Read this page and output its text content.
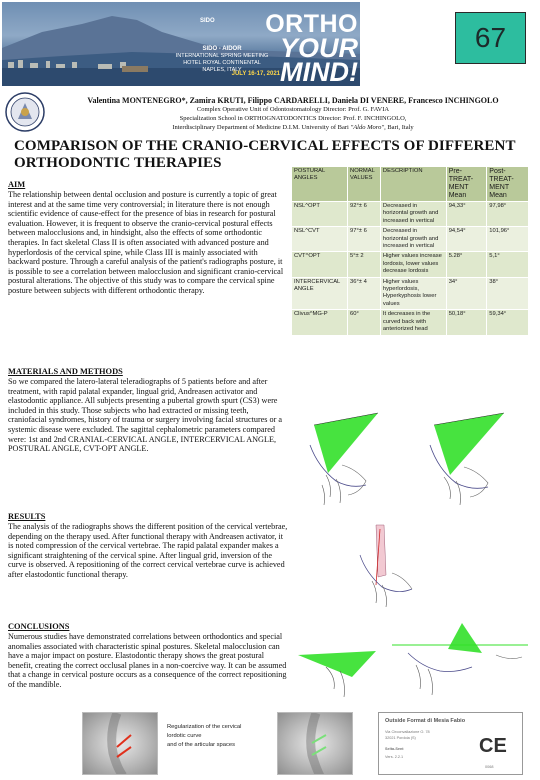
SIDO	ORTHO
YOUR
MIND!
SIDO - AIDOR
INTERNATIONAL SPRING MEETING
HOTEL ROYAL CONTINENTAL
NAPLES, ITALY
JULY 16-17, 2021
67
Valentina MONTENEGRO*, Zamira KRUTI, Filippo CARDARELLI, Daniela DI VENERE, Francesco INCHINGOLO
Complex Operative Unit of Odontostomatology Director: Prof. G. FAVIA
Specialization School in ORTHOGNATODONTICS Director: Prof. F. INCHINGOLO,
Interdisciplinary Department of Medicine D.I.M. University of Bari "Aldo Moro", Bari, Italy
COMPARISON OF THE CRANIO-CERVICAL EFFECTS OF DIFFERENT ORTHODONTIC THERAPIES
AIM
The relationship between dental occlusion and posture is currently a topic of great interest and at the same time very controversial; in literature there is not enough scientific evidence of cause-effect for the presence of bias in research for postural evaluation. However, it is frequent to observe the cranio-cervical postural effects between malocclusions and, in hindsight, also the effects of some orthodontic therapies. In fact skeletal Class II is often associated with advanced posture and hyperlordosis of the cervical spine, while Class III is mainly associated with backward posture. Through a careful analysis of the patient's radiographs posture, it is possible to see a correlation between malocclusion and significant cranio-cervical postural alterations. The objective of this study was to compare the cervical spine posture between subjects with different orthodontic therapy.
MATERIALS AND METHODS
So we compared the latero-lateral teleradiographs of 5 patients before and after treatment, with rapid palatal expander, lingual grid, Andreasen activator and elastodontic appliance. All subjects presenting a pubertal growth spurt (CS3) were included in this study. Those subjects who had extracted or missing teeth, craniofacial syndromes, history of trauma or surgery involving facial structures or a systemic disease were excluded. The sagittal cephalometric parameters compared were: 1st and 2nd CRANIAL-CERVICAL ANGLE, INTERCERVICAL ANGLE, POSTURAL ANGLE, CVT-OPT ANGLE.
RESULTS
The analysis of the radiographs shows the different position of the cervical vertebrae, depending on the therapy used. After functional therapy with Andreasen activator, it is noted compression of the cervical vertebrae. The rapid palatal expander makes a significant straightening of the cervical spine. After lingual grid, inversion of the curve is observed. A repositioning of the correct cervical vertebrae curve is achieved after elastodontic functional therapy.
CONCLUSIONS
Numerous studies have demonstrated correlations between orthodontics and special anomalies associated with characteristic spinal postures. Skeletal malocclusion can have a major impact on posture. Elastodontic therapy shows the great postural benefit, creating the correct occlusal planes in a non-coercive way. It can be assumed that a change in cervical posture occurs as a consequence of the correct repositioning of the mandible.
POSTURAL ANGLES	NORMAL VALUES	DESCRIPTION	Pre-TREAT-MENT Mean	Post-TREAT-MENT Mean
NSL^OPT	92°± 6	Decreased in horizontal growth and increased in vertical	94,33°	97,98°
NSL^CVT	97°± 6	Decreased in horizontal growth and increased in vertical	94,54°	101,96°
CVT^OPT	5°± 2	Higher values increase lordosis, lower values decrease lordosis	5.28°	5,1°
INTERCERVICAL ANGLE	36°± 4	Higher values hyperlordosis, Hyperkyphosis lower values	34°	38°
Clivus^MG-P	60°	It decreases in the curved back with anteriorized head	50,18°	59,34°
Regularization of the cervical
lordotic curve
and of the articular spaces
Outside Format di Mesia Fabio
Via Circonvallazione O. 78
32021 Pordoia (S)
Selta-Sent
Vers. 2.2.1	CE
0068
